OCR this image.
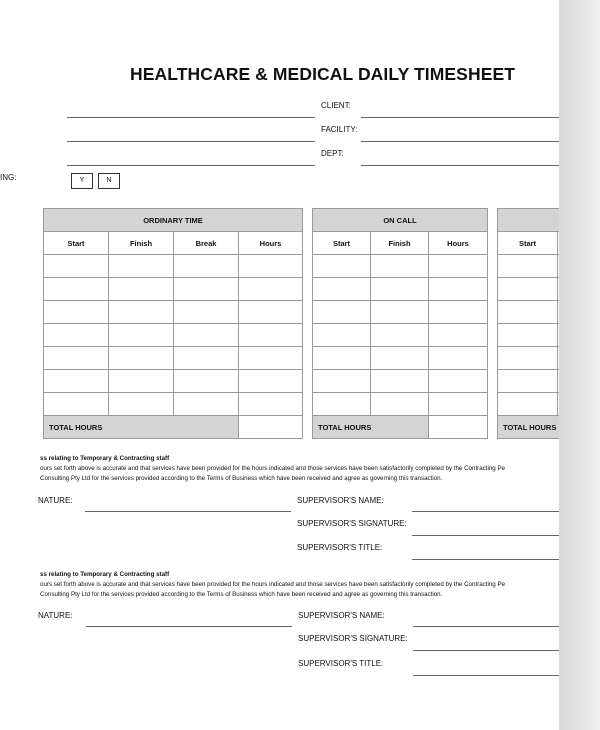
HEALTHCARE & MEDICAL DAILY TIMESHEET
CLIENT:
FACILITY:
DEPT:
ING:	Y	N
ORDINARY TIME			
Start	Finish	Break	Hours

TOTAL HOURS			
ON CALL		
Start	Finish	Hours

TOTAL HOURS		

Start	

TOTAL HOURS	
ss relating to Temporary & Contracting staff
ours set forth above is accurate and that services have been provided for the hours indicated and those services have been satisfactorily completed by the Contracting Pe
Consulting Pty Ltd for the services provided according to the Terms of Business which have been received and agree as governing this transaction.
NATURE:	SUPERVISOR'S NAME:
SUPERVISOR'S SIGNATURE:
SUPERVISOR'S TITLE:
ss relating to Temporary & Contracting staff
ours set forth above is accurate and that services have been provided for the hours indicated and those services have been satisfactorily completed by the Contracting Pe
Consulting Pty Ltd for the services provided according to the Terms of Business which have been received and agree as governing this transaction.
NATURE:	SUPERVISOR'S NAME:
SUPERVISOR'S SIGNATURE:
SUPERVISOR'S TITLE:
